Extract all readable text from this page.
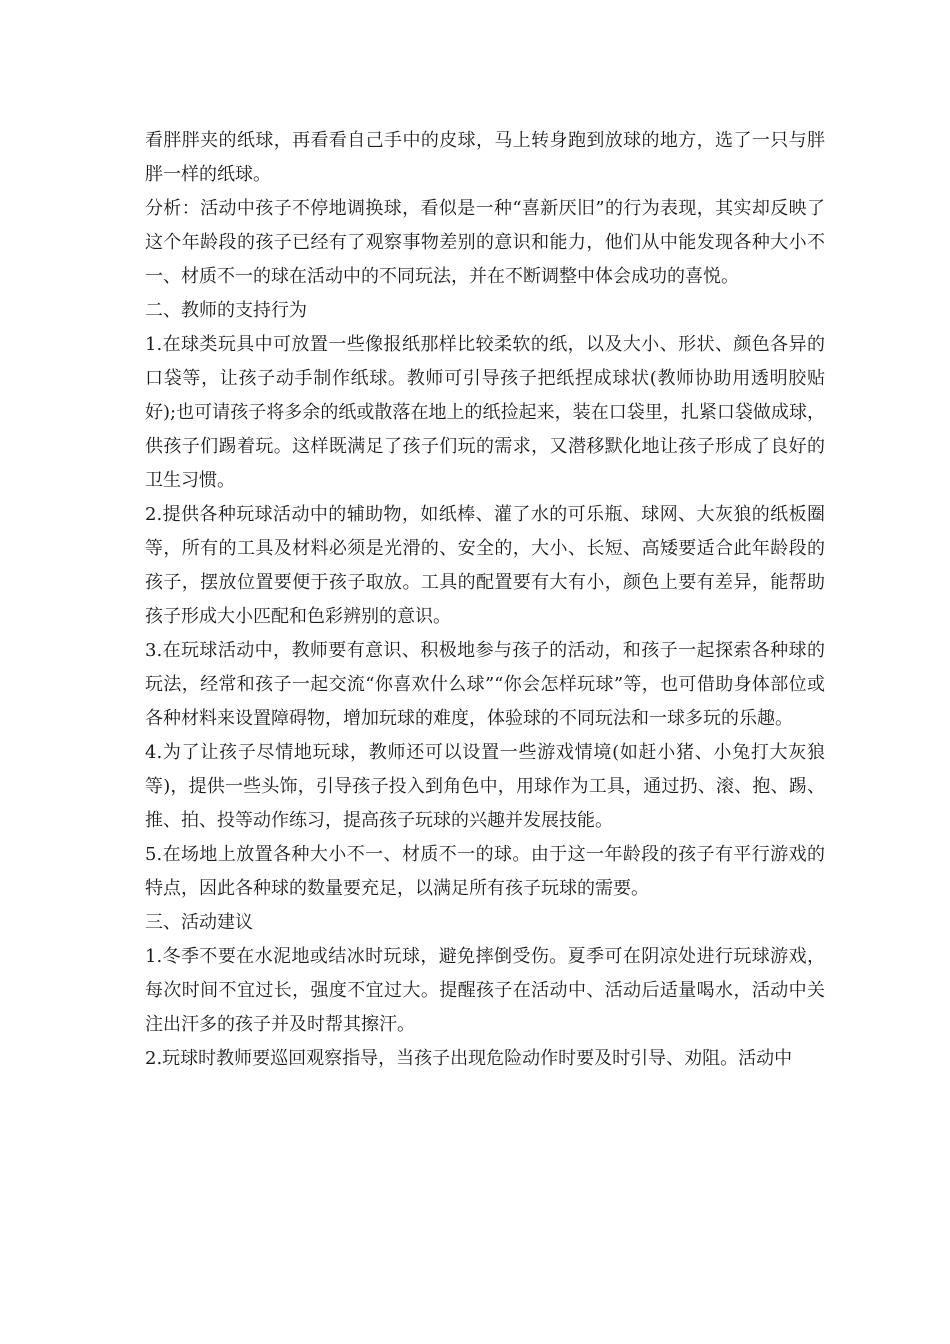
看胖胖夹的纸球，再看看自己手中的皮球，马上转身跑到放球的地方，选了一只与胖胖一样的纸球。

分析：活动中孩子不停地调换球，看似是一种“喜新厌旧”的行为表现，其实却反映了这个年龄段的孩子已经有了观察事物差别的意识和能力，他们从中能发现各种大小不一、材质不一的球在活动中的不同玩法，并在不断调整中体会成功的喜悦。

二、教师的支持行为

1.在球类玩具中可放置一些像报纸那样比较柔软的纸，以及大小、形状、颜色各异的口袋等，让孩子动手制作纸球。教师可引导孩子把纸捏成球状(教师协助用透明胶贴好);也可请孩子将多余的纸或散落在地上的纸捡起来，装在口袋里，扎紧口袋做成球，供孩子们踢着玩。这样既满足了孩子们玩的需求，又潜移默化地让孩子形成了良好的卫生习惯。

2.提供各种玩球活动中的辅助物，如纸棒、灌了水的可乐瓶、球网、大灰狼的纸板圈等，所有的工具及材料必须是光滑的、安全的，大小、长短、高矮要适合此年龄段的孩子，摆放位置要便于孩子取放。工具的配置要有大有小，颜色上要有差异，能帮助孩子形成大小匹配和色彩辨别的意识。

3.在玩球活动中，教师要有意识、积极地参与孩子的活动，和孩子一起探索各种球的玩法，经常和孩子一起交流“你喜欢什么球”“你会怎样玩球”等，也可借助身体部位或各种材料来设置障碍物，增加玩球的难度，体验球的不同玩法和一球多玩的乐趣。

4.为了让孩子尽情地玩球，教师还可以设置一些游戏情境(如赶小猪、小兔打大灰狼等)，提供一些头饰，引导孩子投入到角色中，用球作为工具，通过扔、滚、抱、踢、推、拍、投等动作练习，提高孩子玩球的兴趣并发展技能。

5.在场地上放置各种大小不一、材质不一的球。由于这一年龄段的孩子有平行游戏的特点，因此各种球的数量要充足，以满足所有孩子玩球的需要。

三、活动建议

1.冬季不要在水泥地或结冰时玩球，避免摔倒受伤。夏季可在阴凉处进行玩球游戏，每次时间不宜过长，强度不宜过大。提醒孩子在活动中、活动后适量喝水，活动中关注出汗多的孩子并及时帮其擦汗。

2.玩球时教师要巡回观察指导，当孩子出现危险动作时要及时引导、劝阻。活动中
